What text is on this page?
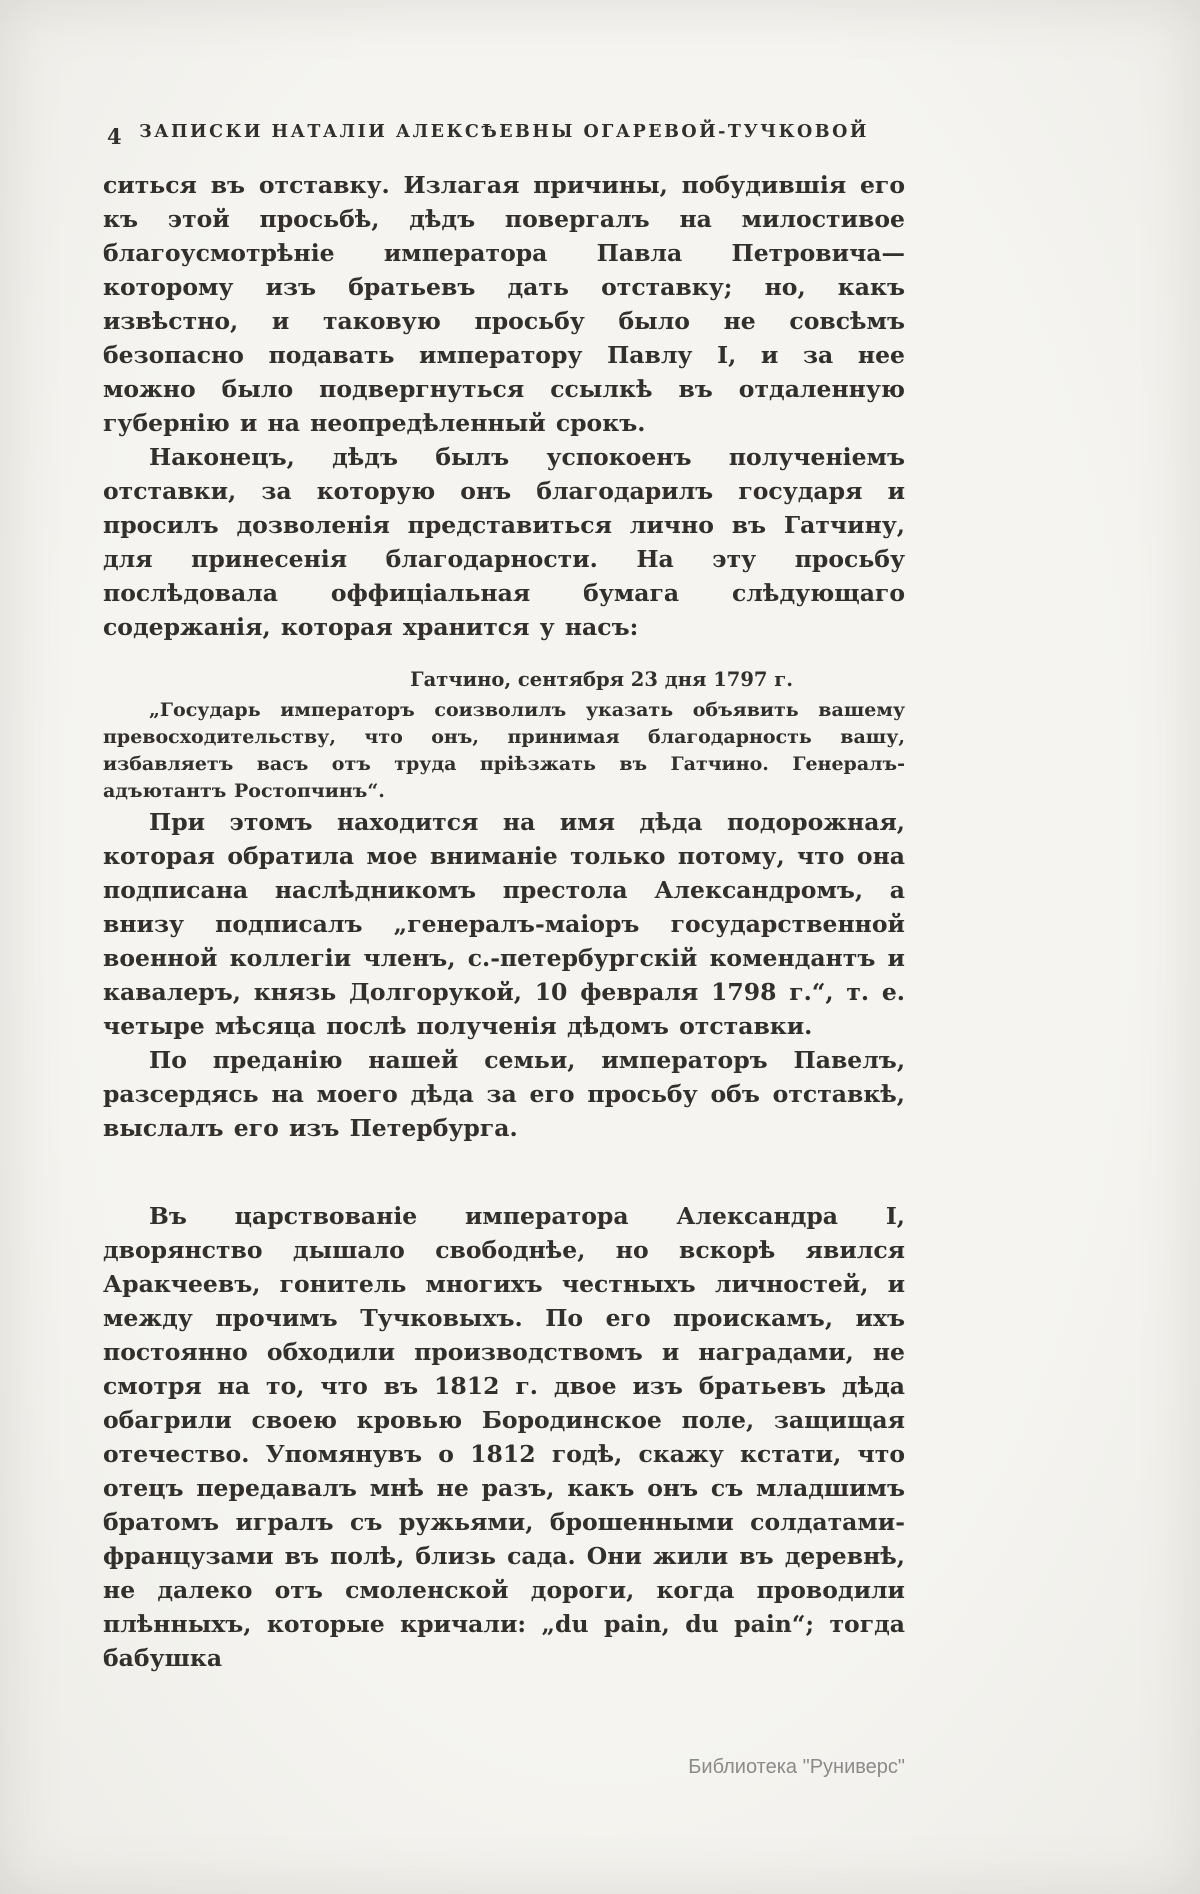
4	ЗАПИСКИ НАТАЛІИ АЛЕКСѢЕВНЫ ОГАРЕВОЙ-ТУЧКОВОЙ

ситься въ отставку. Излагая причины, побудившія его къ этой просьбѣ, дѣдъ повергалъ на милостивое благоусмотрѣніе императора Павла Петровича—которому изъ братьевъ дать отставку; но, какъ извѣстно, и таковую просьбу было не совсѣмъ безопасно подавать императору Павлу I, и за нее можно было подвергнуться ссылкѣ въ отдаленную губернію и на неопредѣленный срокъ.

Наконецъ, дѣдъ былъ успокоенъ полученіемъ отставки, за которую онъ благодарилъ государя и просилъ дозволенія представиться лично въ Гатчину, для принесенія благодарности. На эту просьбу послѣдовала оффиціальная бумага слѣдующаго содержанія, которая хранится у насъ:

Гатчино, сентября 23 дня 1797 г.

„Государь императоръ соизволилъ указать объявить вашему превосходительству, что онъ, принимая благодарность вашу, избавляетъ васъ отъ труда пріѣзжать въ Гатчино. Генералъ-адъютантъ Ростопчинъ“.

При этомъ находится на имя дѣда подорожная, которая обратила мое вниманіе только потому, что она подписана наслѣдникомъ престола Александромъ, а внизу подписалъ „генералъ-маіоръ государственной военной коллегіи членъ, с.-петербургскій комендантъ и кавалеръ, князь Долгорукой, 10 февраля 1798 г.“, т. е. четыре мѣсяца послѣ полученія дѣдомъ отставки.

По преданію нашей семьи, императоръ Павелъ, разсердясь на моего дѣда за его просьбу объ отставкѣ, выслалъ его изъ Петербурга.

Въ царствованіе императора Александра I, дворянство дышало свободнѣе, но вскорѣ явился Аракчеевъ, гонитель многихъ честныхъ личностей, и между прочимъ Тучковыхъ. По его проискамъ, ихъ постоянно обходили производствомъ и наградами, не смотря на то, что въ 1812 г. двое изъ братьевъ дѣда обагрили своею кровью Бородинское поле, защищая отечество. Упомянувъ о 1812 годѣ, скажу кстати, что отецъ передавалъ мнѣ не разъ, какъ онъ съ младшимъ братомъ игралъ съ ружьями, брошенными солдатами-французами въ полѣ, близь сада. Они жили въ деревнѣ, не далеко отъ смоленской дороги, когда проводили плѣнныхъ, которые кричали: „du pain, du pain“; тогда бабушка

Библиотека "Руниверс"
